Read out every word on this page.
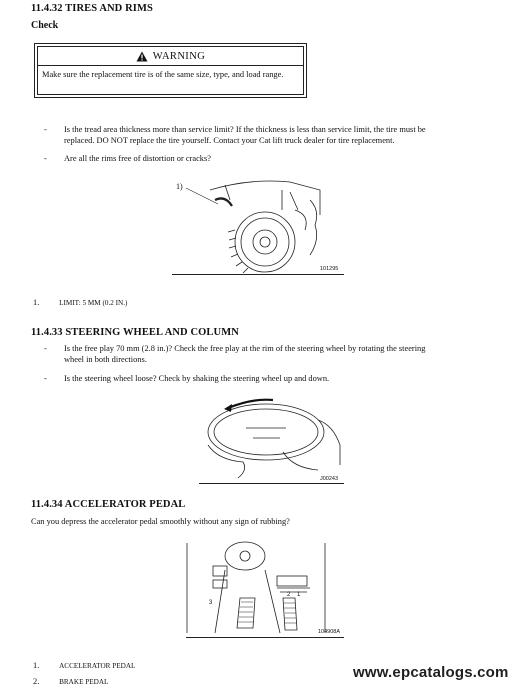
11.4.32 TIRES AND RIMS
Check
WARNING
Make sure the replacement tire is of the same size, type, and load range.
-	Is the tread area thickness more than service limit? If the thickness is less than service limit, the tire must be
replaced. DO NOT replace the tire yourself. Contact your Cat lift truck dealer for tire replacement.
-	Are all the rims free of distortion or cracks?
1)
101295
1.	LIMIT: 5 MM (0.2 IN.)
11.4.33 STEERING WHEEL AND COLUMN
-	Is the free play 70 mm (2.8 in.)? Check the free play at the rim of the steering wheel by rotating the steering
wheel in both directions.
-	Is the steering wheel loose? Check by shaking the steering wheel up and down.
J00243
11.4.34 ACCELERATOR PEDAL
Can you depress the accelerator pedal smoothly without any sign of rubbing?
3
2 1
104908A
1.	ACCELERATOR PEDAL
2.	BRAKE PEDAL
www.epcatalogs.com
